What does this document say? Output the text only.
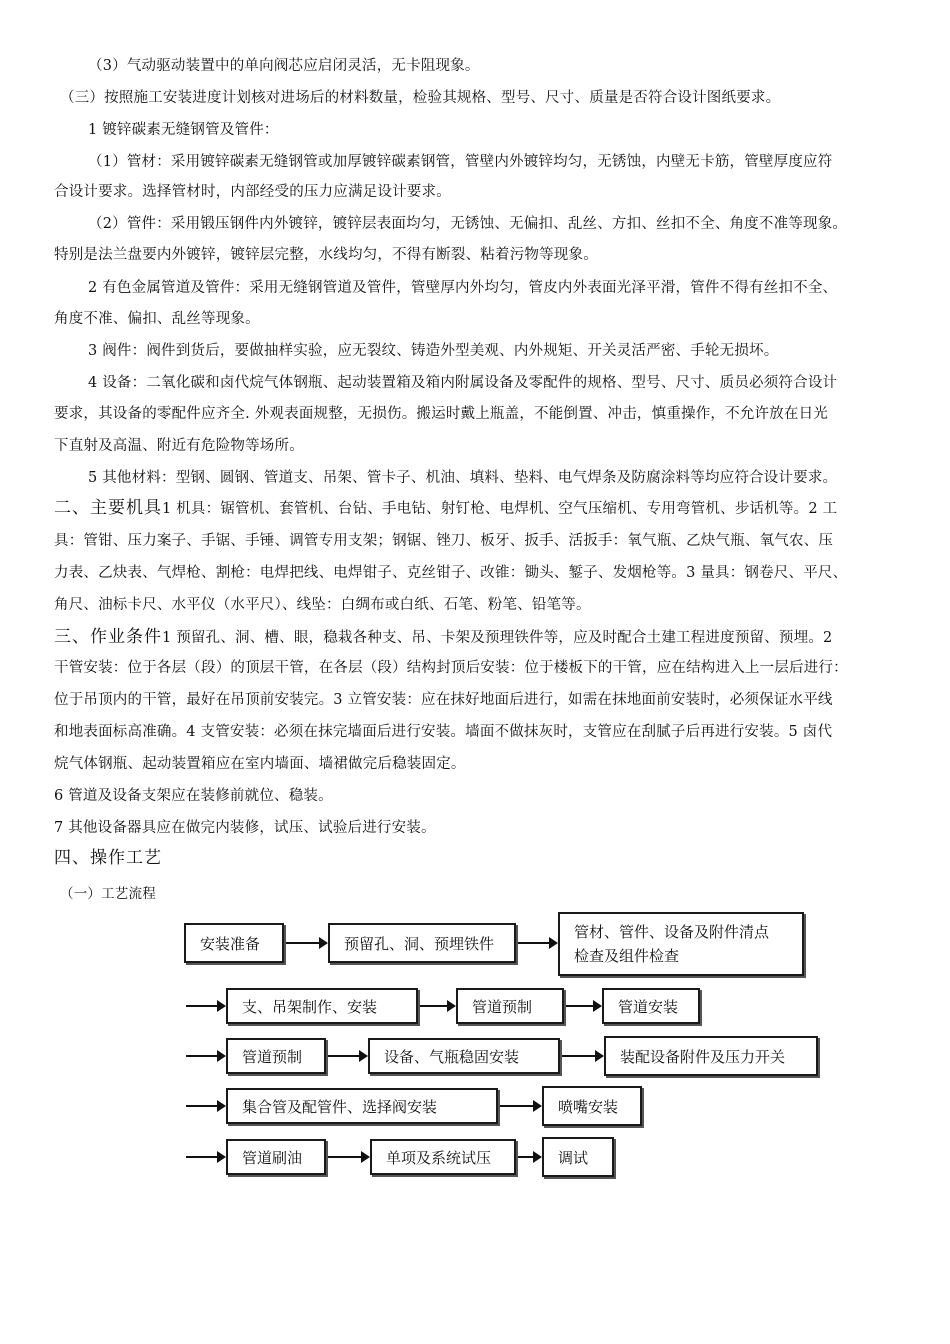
（3）气动驱动装置中的单向阀芯应启闭灵活，无卡阻现象。
（三）按照施工安装进度计划核对进场后的材料数量，检验其规格、型号、尺寸、质量是否符合设计图纸要求。
1 镀锌碳素无缝钢管及管件：
（1）管材：采用镀锌碳素无缝钢管或加厚镀锌碳素钢管，管壁内外镀锌均匀，无锈蚀，内壁无卡筋，管壁厚度应符
合设计要求。选择管材时，内部经受的压力应满足设计要求。
（2）管件：采用锻压钢件内外镀锌，镀锌层表面均匀，无锈蚀、无偏扣、乱丝、方扣、丝扣不全、角度不准等现象。
特别是法兰盘要内外镀锌，镀锌层完整，水线均匀，不得有断裂、粘着污物等现象。
2 有色金属管道及管件：采用无缝钢管道及管件，管壁厚内外均匀，管皮内外表面光泽平滑，管件不得有丝扣不全、
角度不准、偏扣、乱丝等现象。
3 阀件：阀件到货后，要做抽样实验，应无裂纹、铸造外型美观、内外规矩、开关灵活严密、手轮无损坏。
4 设备：二氧化碳和卤代烷气体钢瓶、起动装置箱及箱内附属设备及零配件的规格、型号、尺寸、质员必须符合设计
要求，其设备的零配件应齐全. 外观表面规整，无损伤。搬运时戴上瓶盖，不能倒置、冲击，慎重操作，不允许放在日光
下直射及高温、附近有危险物等场所。
5 其他材料：型钢、圆钢、管道支、吊架、管卡子、机油、填料、垫料、电气焊条及防腐涂料等均应符合设计要求。
二、主要机具1 机具：锯管机、套管机、台钻、手电钻、射钉枪、电焊机、空气压缩机、专用弯管机、步话机等。2 工
具：管钳、压力案子、手锯、手锤、调管专用支架；钢锯、锉刀、板牙、扳手、活扳手：氧气瓶、乙炔气瓶、氧气农、压
力表、乙炔表、气焊枪、割枪：电焊把线、电焊钳子、克丝钳子、改锥：锄头、錾子、发烟枪等。3 量具：钢卷尺、平尺、
角尺、油标卡尺、水平仪（水平尺）、线坠：白绸布或白纸、石笔、粉笔、铅笔等。
三、作业条件1 预留孔、洞、槽、眼，稳栽各种支、吊、卡架及预理铁件等，应及时配合土建工程进度预留、预埋。2
干管安装：位于各层（段）的顶层干管，在各层（段）结构封顶后安装：位于楼板下的干管，应在结构进入上一层后进行：
位于吊顶内的干管，最好在吊顶前安装完。3 立管安装：应在抹好地面后进行，如需在抹地面前安装时，必须保证水平线
和地表面标高准确。4 支管安装：必须在抹完墙面后进行安装。墙面不做抹灰时，支管应在刮腻子后再进行安装。5 卤代
烷气体钢瓶、起动装置箱应在室内墙面、墙裙做完后稳装固定。
6 管道及设备支架应在装修前就位、稳装。
7 其他设备器具应在做完内装修，试压、试验后进行安装。
四、操作工艺
（一）工艺流程
安装准备	预留孔、洞、预埋铁件
管材、管件、设备及附件清点
检查及组件检查
支、吊架制作、安装	管道预制	管道安装
管道预制	设备、气瓶稳固安装	装配设备附件及压力开关
集合管及配管件、选择阀安装	喷嘴安装
管道刷油	单项及系统试压	调试
